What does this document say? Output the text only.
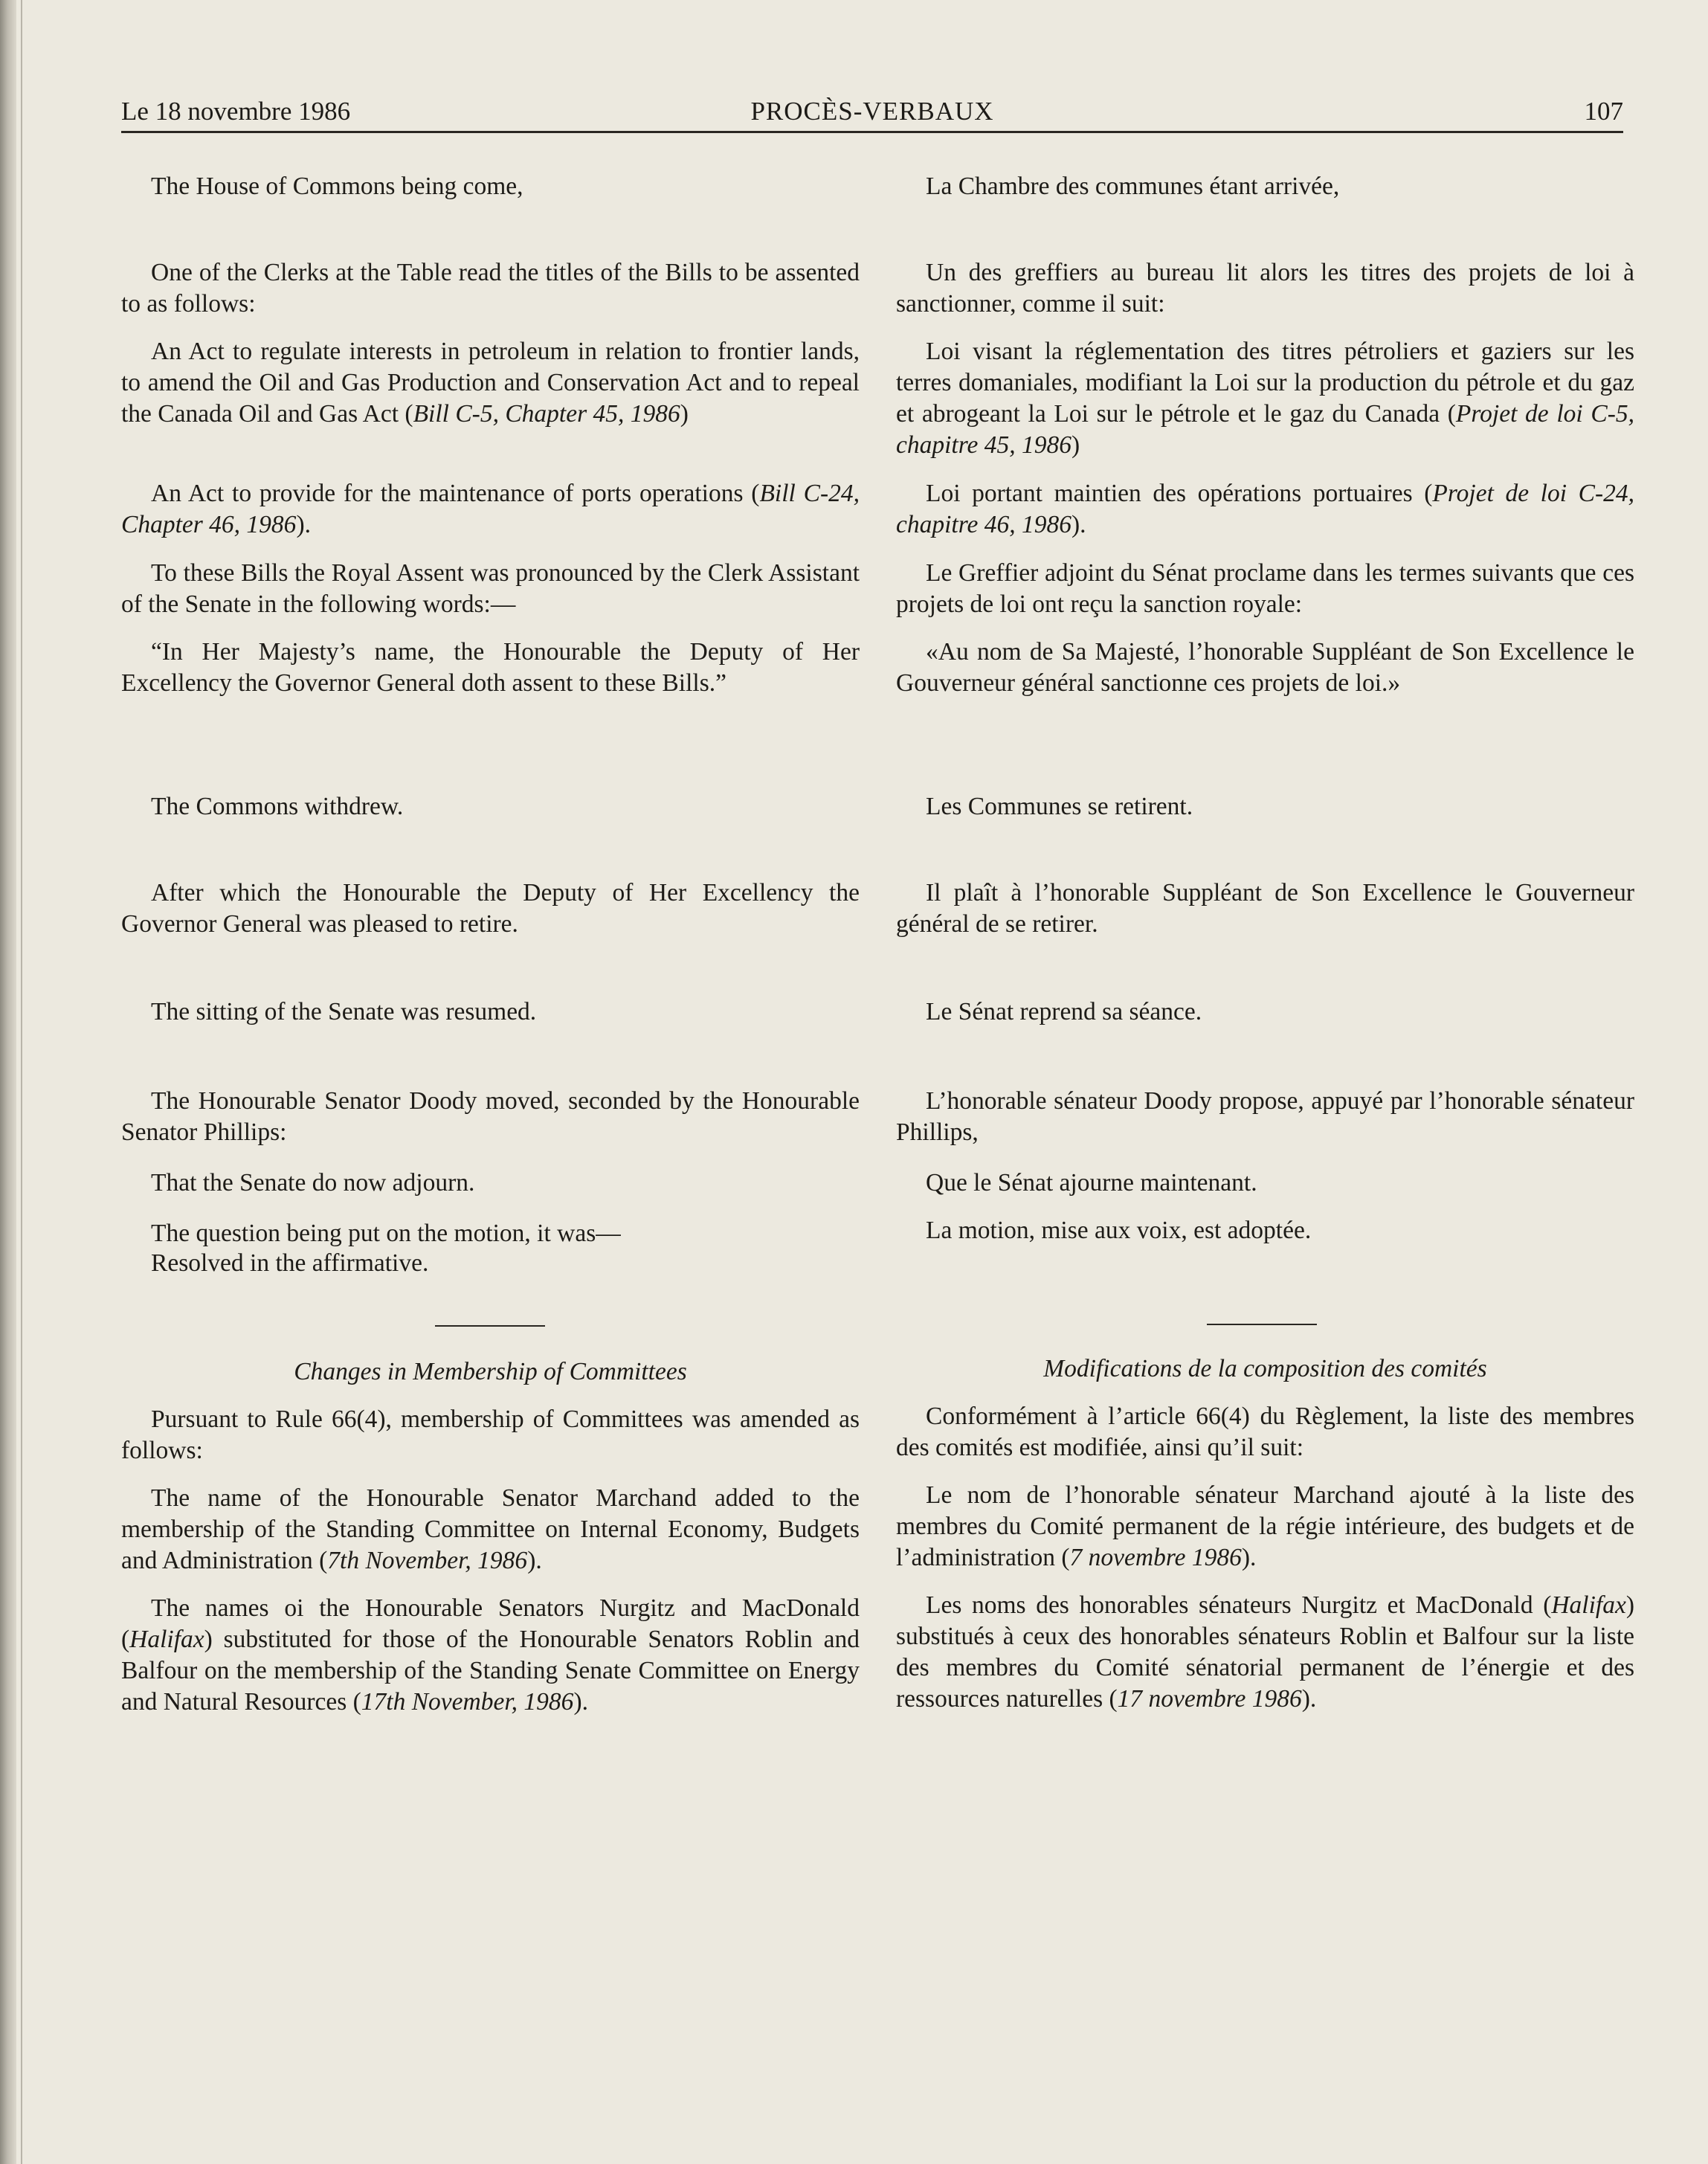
Le 18 novembre 1986	PROCÈS-VERBAUX	107

The House of Commons being come,

One of the Clerks at the Table read the titles of the Bills to be assented to as follows:

An Act to regulate interests in petroleum in relation to frontier lands, to amend the Oil and Gas Production and Conservation Act and to repeal the Canada Oil and Gas Act (Bill C-5, Chapter 45, 1986)

An Act to provide for the maintenance of ports operations (Bill C-24, Chapter 46, 1986).

To these Bills the Royal Assent was pronounced by the Clerk Assistant of the Senate in the following words:—

“In Her Majesty’s name, the Honourable the Deputy of Her Excellency the Governor General doth assent to these Bills.”

The Commons withdrew.

After which the Honourable the Deputy of Her Excellency the Governor General was pleased to retire.

The sitting of the Senate was resumed.

The Honourable Senator Doody moved, seconded by the Honourable Senator Phillips:

That the Senate do now adjourn.

The question being put on the motion, it was—

Resolved in the affirmative.

Changes in Membership of Committees

Pursuant to Rule 66(4), membership of Committees was amended as follows:

The name of the Honourable Senator Marchand added to the membership of the Standing Committee on Internal Economy, Budgets and Administration (7th November, 1986).

The names oi the Honourable Senators Nurgitz and MacDonald (Halifax) substituted for those of the Honourable Senators Roblin and Balfour on the membership of the Standing Senate Committee on Energy and Natural Resources (17th November, 1986).

La Chambre des communes étant arrivée,

Un des greffiers au bureau lit alors les titres des projets de loi à sanctionner, comme il suit:

Loi visant la réglementation des titres pétroliers et gaziers sur les terres domaniales, modifiant la Loi sur la production du pétrole et du gaz et abrogeant la Loi sur le pétrole et le gaz du Canada (Projet de loi C-5, chapitre 45, 1986)

Loi portant maintien des opérations portuaires (Projet de loi C-24, chapitre 46, 1986).

Le Greffier adjoint du Sénat proclame dans les termes suivants que ces projets de loi ont reçu la sanction royale:

«Au nom de Sa Majesté, l’honorable Suppléant de Son Excellence le Gouverneur général sanctionne ces projets de loi.»

Les Communes se retirent.

Il plaît à l’honorable Suppléant de Son Excellence le Gouverneur général de se retirer.

Le Sénat reprend sa séance.

L’honorable sénateur Doody propose, appuyé par l’honorable sénateur Phillips,

Que le Sénat ajourne maintenant.

La motion, mise aux voix, est adoptée.

Modifications de la composition des comités

Conformément à l’article 66(4) du Règlement, la liste des membres des comités est modifiée, ainsi qu’il suit:

Le nom de l’honorable sénateur Marchand ajouté à la liste des membres du Comité permanent de la régie intérieure, des budgets et de l’administration (7 novembre 1986).

Les noms des honorables sénateurs Nurgitz et MacDonald (Halifax) substitués à ceux des honorables sénateurs Roblin et Balfour sur la liste des membres du Comité sénatorial permanent de l’énergie et des ressources naturelles (17 novembre 1986).
